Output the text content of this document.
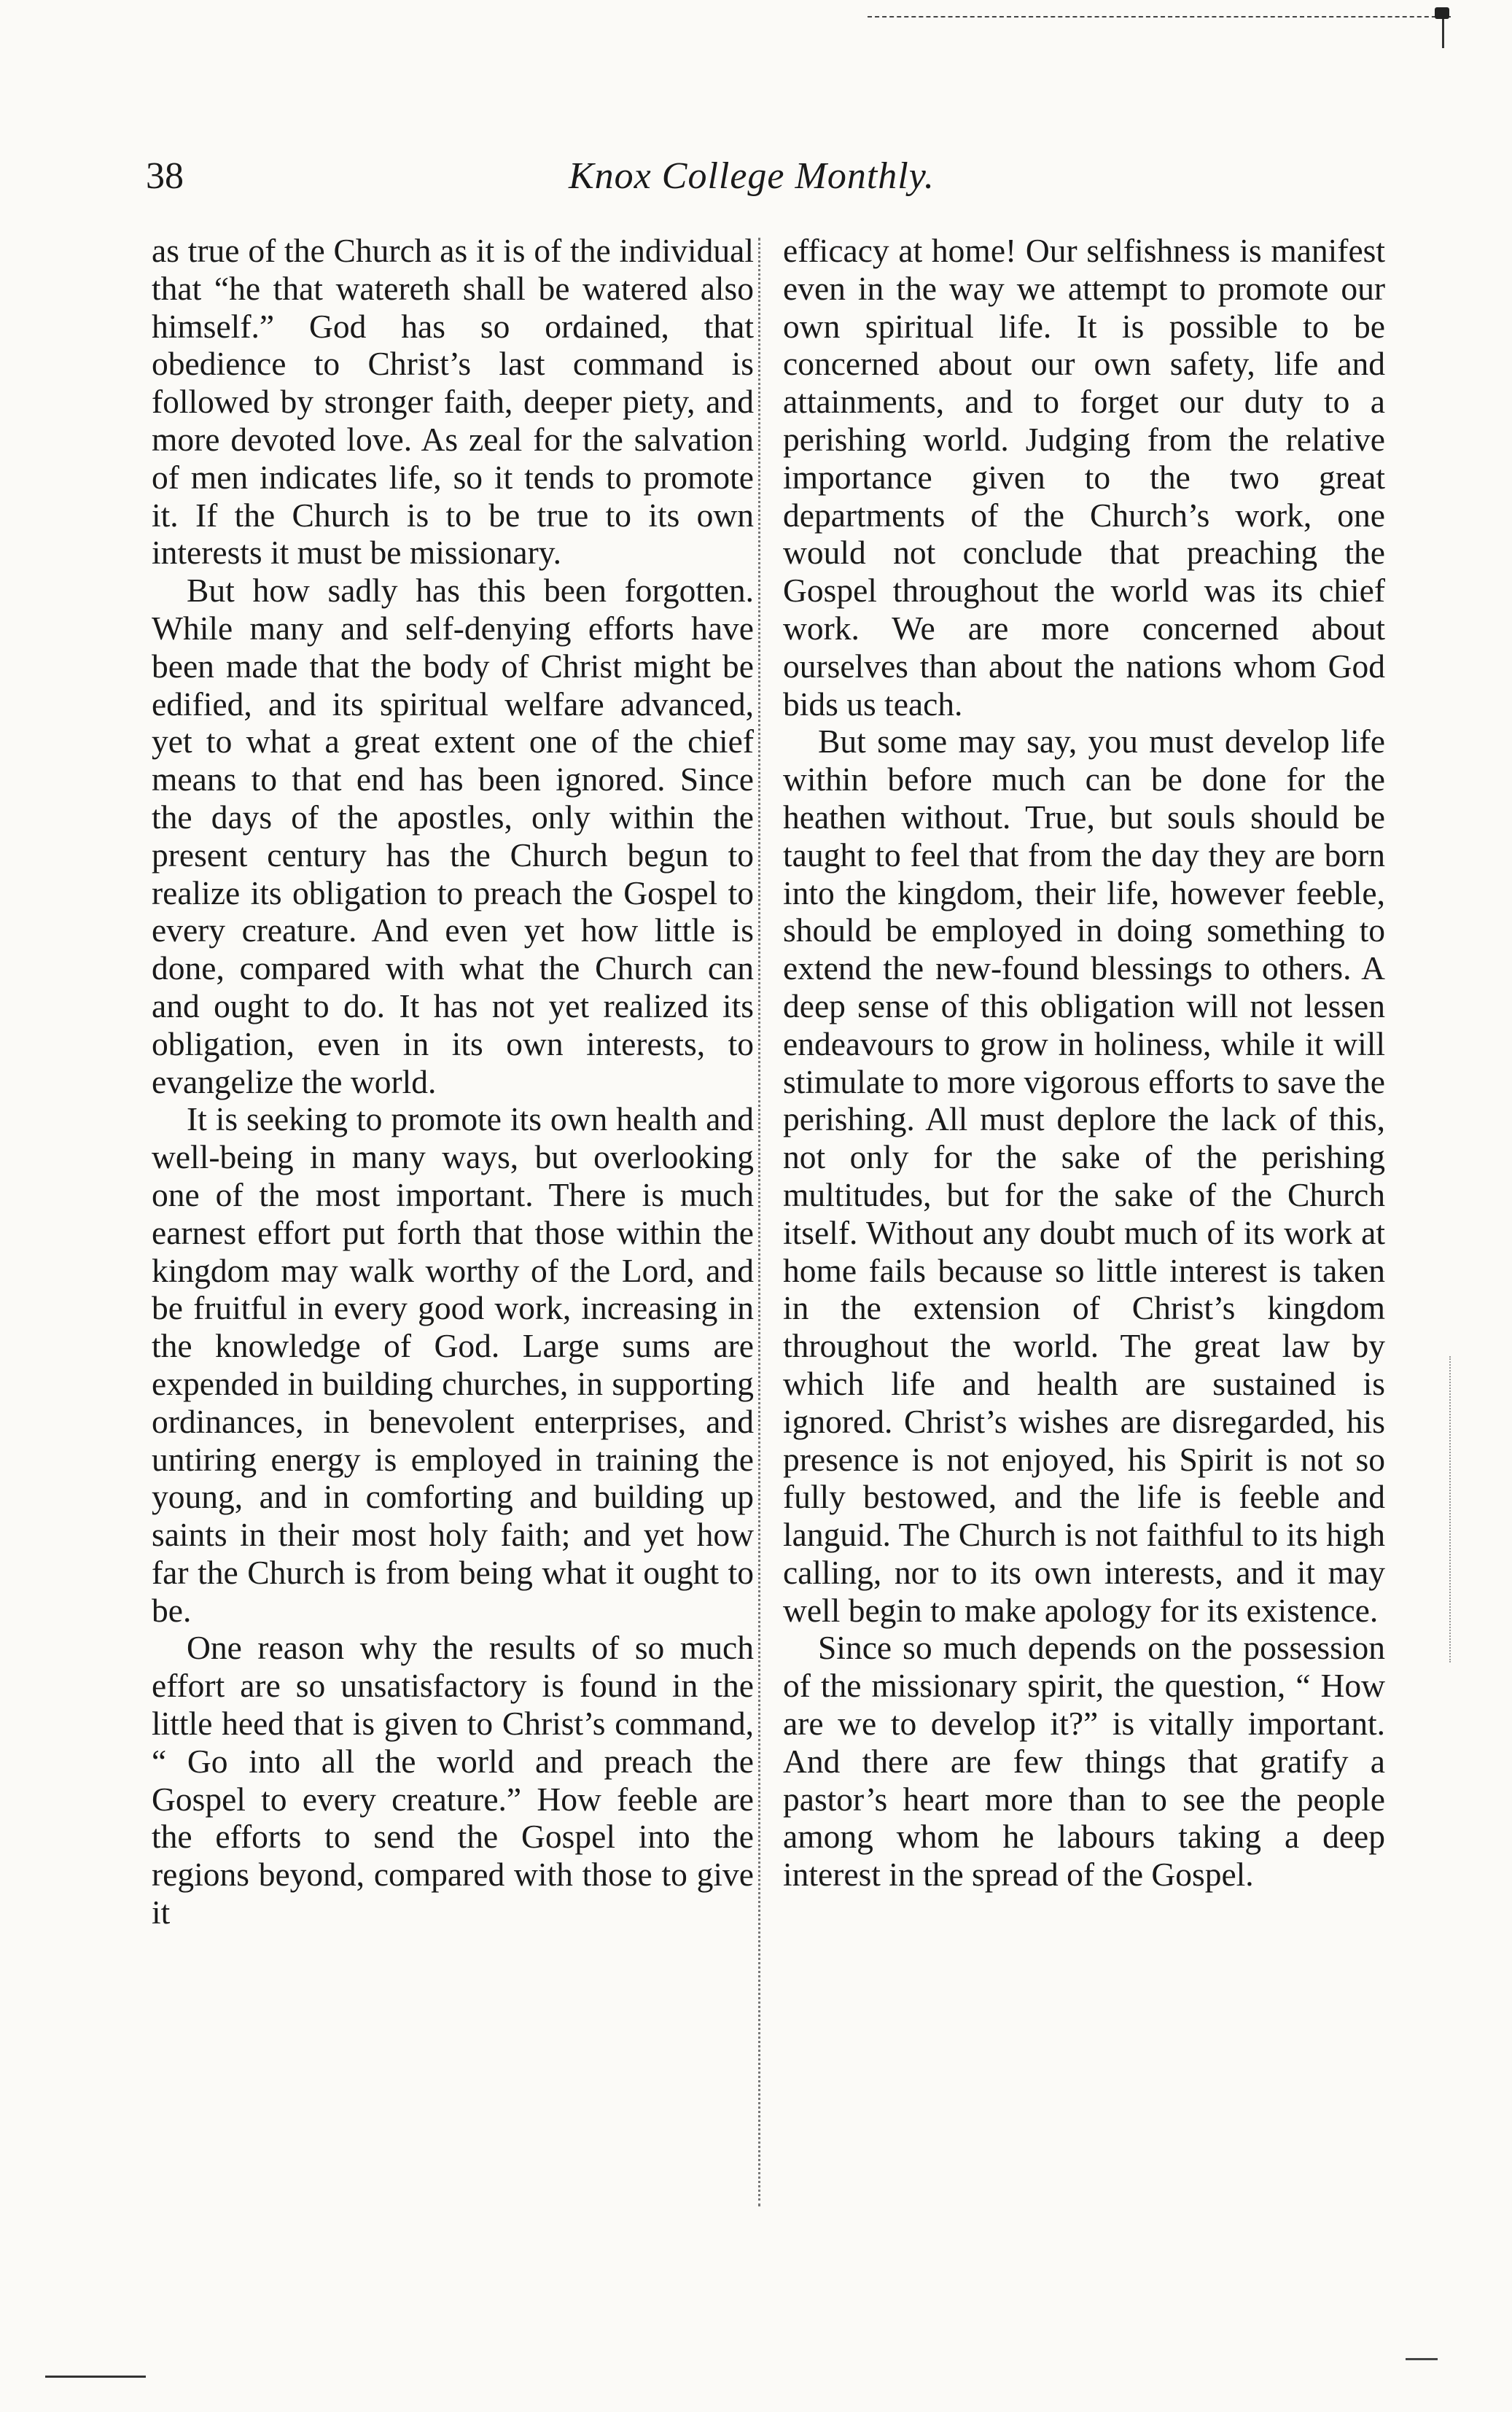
38	Knox College Monthly.

as true of the Church as it is of the individual that “he that watereth shall be watered also himself.” God has so ordained, that obedience to Christ’s last command is followed by stronger faith, deeper piety, and more devoted love. As zeal for the salvation of men indicates life, so it tends to promote it. If the Church is to be true to its own interests it must be missionary.

But how sadly has this been forgotten. While many and self-denying efforts have been made that the body of Christ might be edified, and its spiritual welfare advanced, yet to what a great extent one of the chief means to that end has been ignored. Since the days of the apostles, only within the present century has the Church begun to realize its obligation to preach the Gospel to every creature. And even yet how little is done, compared with what the Church can and ought to do. It has not yet realized its obligation, even in its own interests, to evangelize the world.

It is seeking to promote its own health and well-being in many ways, but overlooking one of the most important. There is much earnest effort put forth that those within the kingdom may walk worthy of the Lord, and be fruitful in every good work, increasing in the knowledge of God. Large sums are expended in building churches, in supporting ordinances, in benevolent enterprises, and untiring energy is employed in training the young, and in comforting and building up saints in their most holy faith; and yet how far the Church is from being what it ought to be.

One reason why the results of so much effort are so unsatisfactory is found in the little heed that is given to Christ’s command, “ Go into all the world and preach the Gospel to every creature.” How feeble are the efforts to send the Gospel into the regions beyond, compared with those to give it

efficacy at home! Our selfishness is manifest even in the way we attempt to promote our own spiritual life. It is possible to be concerned about our own safety, life and attainments, and to forget our duty to a perishing world. Judging from the relative importance given to the two great departments of the Church’s work, one would not conclude that preaching the Gospel throughout the world was its chief work. We are more concerned about ourselves than about the nations whom God bids us teach.

But some may say, you must develop life within before much can be done for the heathen without. True, but souls should be taught to feel that from the day they are born into the kingdom, their life, however feeble, should be employed in doing something to extend the new-found blessings to others. A deep sense of this obligation will not lessen endeavours to grow in holiness, while it will stimulate to more vigorous efforts to save the perishing. All must deplore the lack of this, not only for the sake of the perishing multitudes, but for the sake of the Church itself. Without any doubt much of its work at home fails because so little interest is taken in the extension of Christ’s kingdom throughout the world. The great law by which life and health are sustained is ignored. Christ’s wishes are disregarded, his presence is not enjoyed, his Spirit is not so fully bestowed, and the life is feeble and languid. The Church is not faithful to its high calling, nor to its own interests, and it may well begin to make apology for its existence.

Since so much depends on the possession of the missionary spirit, the question, “ How are we to develop it?” is vitally important. And there are few things that gratify a pastor’s heart more than to see the people among whom he labours taking a deep interest in the spread of the Gospel.
